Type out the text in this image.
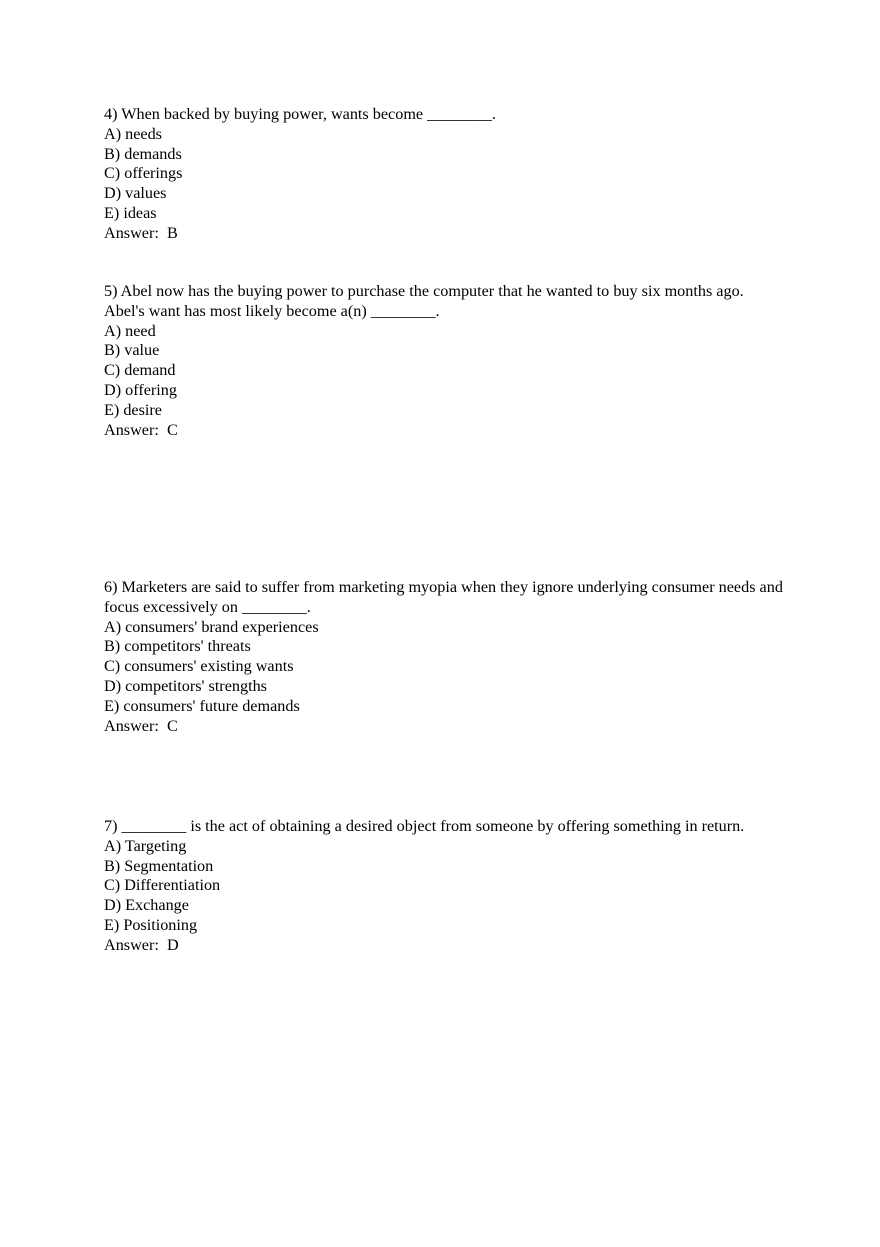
4) When backed by buying power, wants become ________.
A) needs
B) demands
C) offerings
D) values
E) ideas
Answer:  B
5) Abel now has the buying power to purchase the computer that he wanted to buy six months ago. Abel's want has most likely become a(n) ________.
A) need
B) value
C) demand
D) offering
E) desire
Answer:  C
6) Marketers are said to suffer from marketing myopia when they ignore underlying consumer needs and focus excessively on ________.
A) consumers' brand experiences
B) competitors' threats
C) consumers' existing wants
D) competitors' strengths
E) consumers' future demands
Answer:  C
7) ________ is the act of obtaining a desired object from someone by offering something in return.
A) Targeting
B) Segmentation
C) Differentiation
D) Exchange
E) Positioning
Answer:  D
